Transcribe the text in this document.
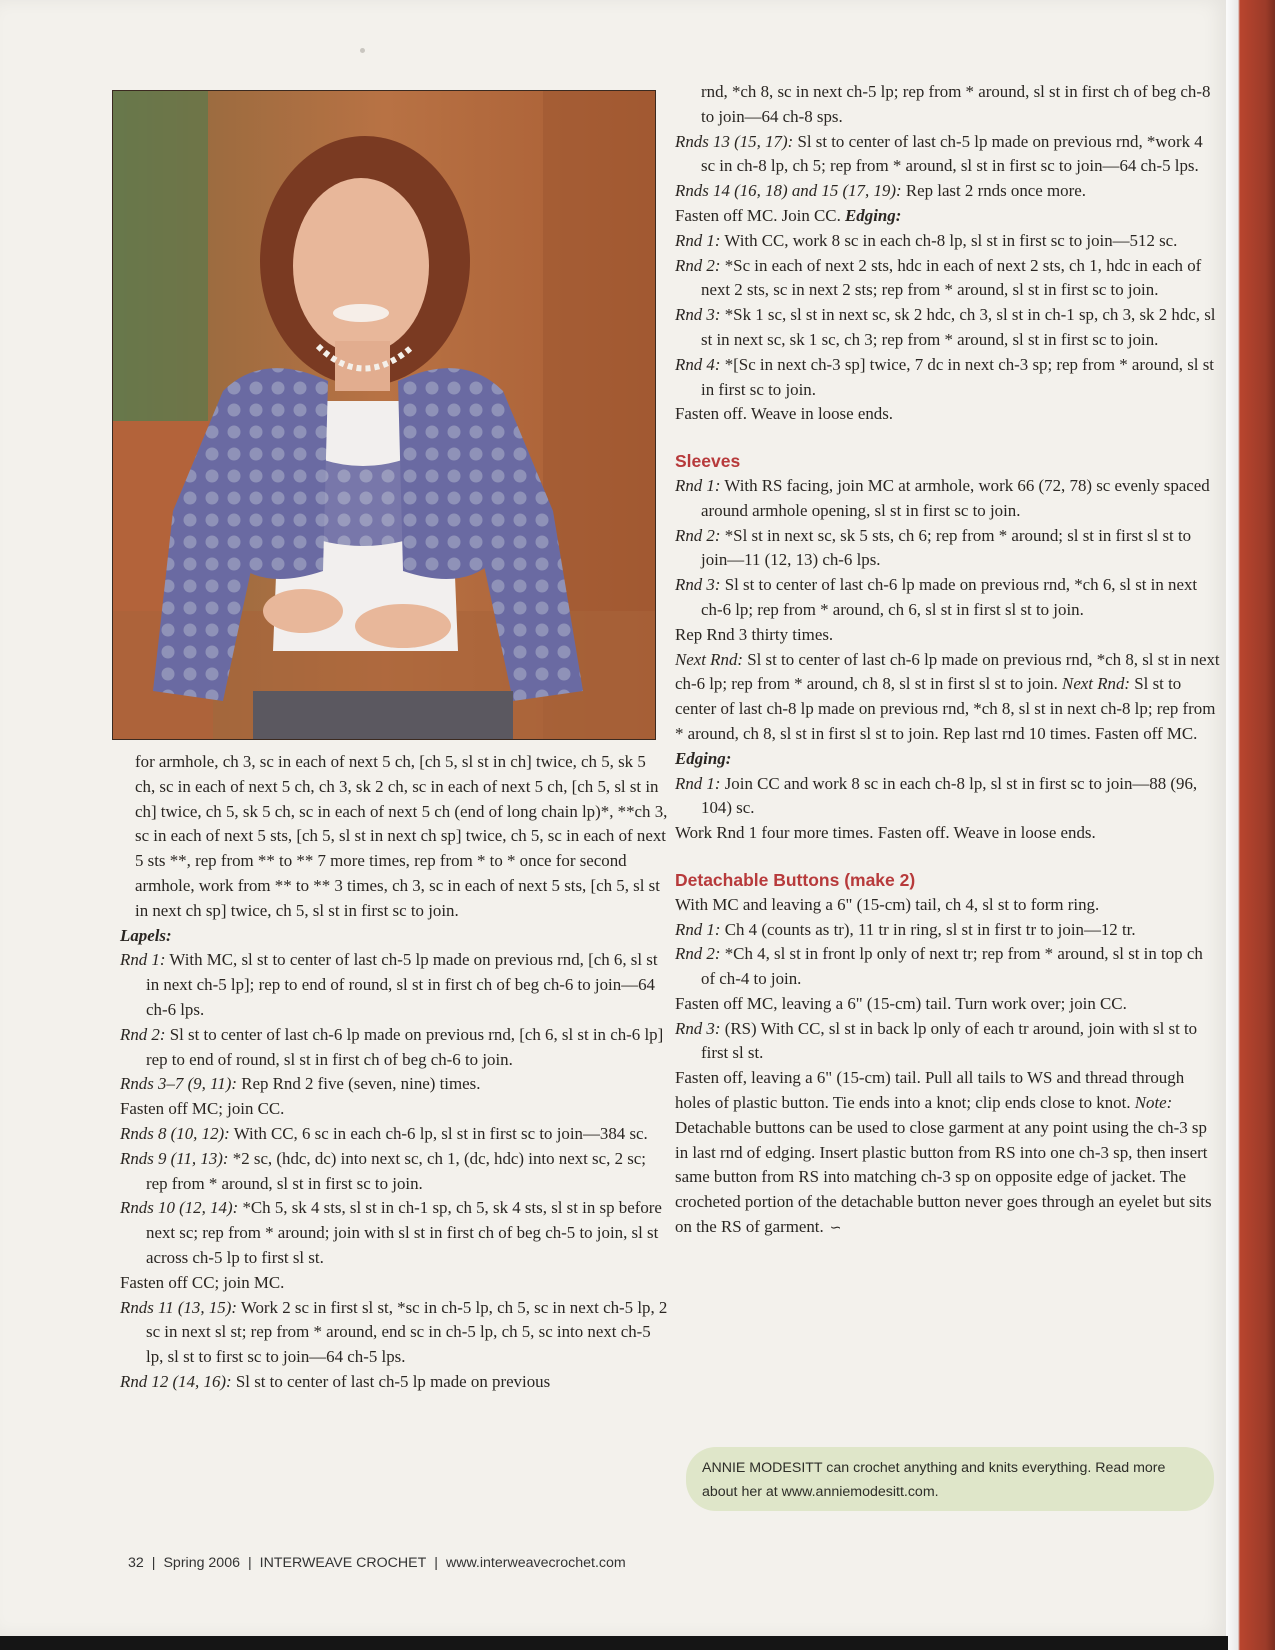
for armhole, ch 3, sc in each of next 5 ch, [ch 5, sl st in ch] twice, ch 5, sk 5 ch, sc in each of next 5 ch, ch 3, sk 2 ch, sc in each of next 5 ch, [ch 5, sl st in ch] twice, ch 5, sk 5 ch, sc in each of next 5 ch (end of long chain lp)*, **ch 3, sc in each of next 5 sts, [ch 5, sl st in next ch sp] twice, ch 5, sc in each of next 5 sts **, rep from ** to ** 7 more times, rep from * to * once for second armhole, work from ** to ** 3 times, ch 3, sc in each of next 5 sts, [ch 5, sl st in next ch sp] twice, ch 5, sl st in first sc to join.

Lapels:

Rnd 1: With MC, sl st to center of last ch-5 lp made on previous rnd, [ch 6, sl st in next ch-5 lp]; rep to end of round, sl st in first ch of beg ch-6 to join—64 ch-6 lps.

Rnd 2: Sl st to center of last ch-6 lp made on previous rnd, [ch 6, sl st in ch-6 lp] rep to end of round, sl st in first ch of beg ch-6 to join.

Rnds 3–7 (9, 11): Rep Rnd 2 five (seven, nine) times.

Fasten off MC; join CC.

Rnds 8 (10, 12): With CC, 6 sc in each ch-6 lp, sl st in first sc to join—384 sc.

Rnds 9 (11, 13): *2 sc, (hdc, dc) into next sc, ch 1, (dc, hdc) into next sc, 2 sc; rep from * around, sl st in first sc to join.

Rnds 10 (12, 14): *Ch 5, sk 4 sts, sl st in ch-1 sp, ch 5, sk 4 sts, sl st in sp before next sc; rep from * around; join with sl st in first ch of beg ch-5 to join, sl st across ch-5 lp to first sl st.

Fasten off CC; join MC.

Rnds 11 (13, 15): Work 2 sc in first sl st, *sc in ch-5 lp, ch 5, sc in next ch-5 lp, 2 sc in next sl st; rep from * around, end sc in ch-5 lp, ch 5, sc into next ch-5 lp, sl st to first sc to join—64 ch-5 lps.

Rnd 12 (14, 16): Sl st to center of last ch-5 lp made on previous

rnd, *ch 8, sc in next ch-5 lp; rep from * around, sl st in first ch of beg ch-8 to join—64 ch-8 sps.

Rnds 13 (15, 17): Sl st to center of last ch-5 lp made on previous rnd, *work 4 sc in ch-8 lp, ch 5; rep from * around, sl st in first sc to join—64 ch-5 lps.

Rnds 14 (16, 18) and 15 (17, 19): Rep last 2 rnds once more.

Fasten off MC. Join CC. Edging:

Rnd 1: With CC, work 8 sc in each ch-8 lp, sl st in first sc to join—512 sc.

Rnd 2: *Sc in each of next 2 sts, hdc in each of next 2 sts, ch 1, hdc in each of next 2 sts, sc in next 2 sts; rep from * around, sl st in first sc to join.

Rnd 3: *Sk 1 sc, sl st in next sc, sk 2 hdc, ch 3, sl st in ch-1 sp, ch 3, sk 2 hdc, sl st in next sc, sk 1 sc, ch 3; rep from * around, sl st in first sc to join.

Rnd 4: *[Sc in next ch-3 sp] twice, 7 dc in next ch-3 sp; rep from * around, sl st in first sc to join.

Fasten off. Weave in loose ends.

Sleeves

Rnd 1: With RS facing, join MC at armhole, work 66 (72, 78) sc evenly spaced around armhole opening, sl st in first sc to join.

Rnd 2: *Sl st in next sc, sk 5 sts, ch 6; rep from * around; sl st in first sl st to join—11 (12, 13) ch-6 lps.

Rnd 3: Sl st to center of last ch-6 lp made on previous rnd, *ch 6, sl st in next ch-6 lp; rep from * around, ch 6, sl st in first sl st to join.

Rep Rnd 3 thirty times.

Next Rnd: Sl st to center of last ch-6 lp made on previous rnd, *ch 8, sl st in next ch-6 lp; rep from * around, ch 8, sl st in first sl st to join. Next Rnd: Sl st to center of last ch-8 lp made on previous rnd, *ch 8, sl st in next ch-8 lp; rep from * around, ch 8, sl st in first sl st to join. Rep last rnd 10 times. Fasten off MC. Edging:

Rnd 1: Join CC and work 8 sc in each ch-8 lp, sl st in first sc to join—88 (96, 104) sc.

Work Rnd 1 four more times. Fasten off. Weave in loose ends.

Detachable Buttons (make 2)

With MC and leaving a 6" (15-cm) tail, ch 4, sl st to form ring.

Rnd 1: Ch 4 (counts as tr), 11 tr in ring, sl st in first tr to join—12 tr.

Rnd 2: *Ch 4, sl st in front lp only of next tr; rep from * around, sl st in top ch of ch-4 to join.

Fasten off MC, leaving a 6" (15-cm) tail. Turn work over; join CC.

Rnd 3: (RS) With CC, sl st in back lp only of each tr around, join with sl st to first sl st.

Fasten off, leaving a 6" (15-cm) tail. Pull all tails to WS and thread through holes of plastic button. Tie ends into a knot; clip ends close to knot. Note: Detachable buttons can be used to close garment at any point using the ch-3 sp in last rnd of edging. Insert plastic button from RS into one ch-3 sp, then insert same button from RS into matching ch-3 sp on opposite edge of jacket. The crocheted portion of the detachable button never goes through an eyelet but sits on the RS of garment. ∽

ANNIE MODESITT can crochet anything and knits everything. Read more about her at www.anniemodesitt.com.
32 | Spring 2006 | INTERWEAVE CROCHET | www.interweavecrochet.com
